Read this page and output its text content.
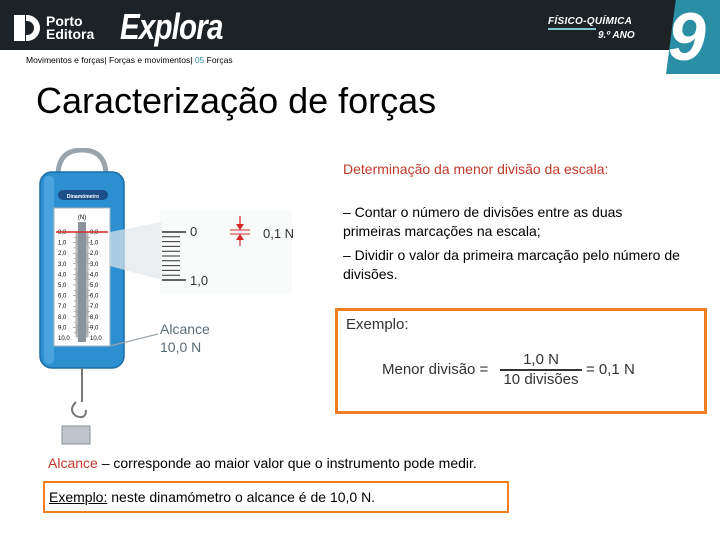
Porto
Editora Explora	FÍSICO-QUÍMICA
9.º ANO 9
Movimentos e forças| Forças e movimentos| 05 Forças
Caracterização de forças
Dinamómetro
(N)
0,0	0,0
1,0	1,0
2,0	2,0
3,0	3,0
4,0	4,0
5,0	5,0
6,0	6,0
7,0	7,0
8,0	8,0
9,0	9,0
10,0	10,0
0
1,0
0,1 N
Alcance
10,0 N
Determinação da menor divisão da escala:
– Contar o número de divisões entre as duas primeiras marcações na escala;
– Dividir o valor da primeira marcação pelo número de divisões.
Exemplo:
Menor divisão =
1,0 N
10 divisões
= 0,1 N
Alcance – corresponde ao maior valor que o instrumento pode medir.
Exemplo: neste dinamómetro o alcance é de 10,0 N.
